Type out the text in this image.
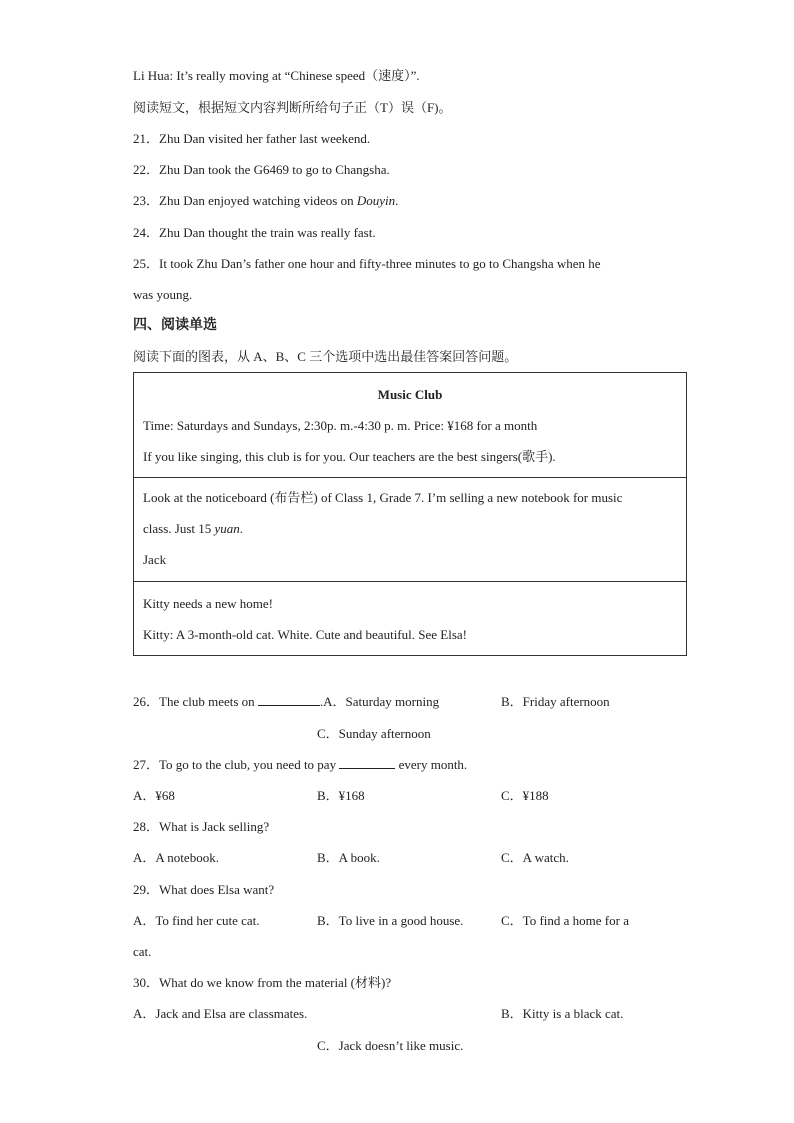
Li Hua: It’s really moving at “Chinese speed（速度）”.
阅读短文，根据短文内容判断所给句子正（T）误（F)。
21．Zhu Dan visited her father last weekend.
22．Zhu Dan took the G6469 to go to Changsha.
23．Zhu Dan enjoyed watching videos on Douyin.
24．Zhu Dan thought the train was really fast.
25．It took Zhu Dan’s father one hour and fifty-three minutes to go to Changsha when he
was young.
四、阅读单选
阅读下面的图表，从 A、B、C 三个选项中选出最佳答案回答问题。
Music Club
Time: Saturdays and Sundays, 2:30p. m.-4:30 p. m. Price: ¥168 for a month
If you like singing, this club is for you. Our teachers are the best singers(歌手).
Look at the noticeboard (布告栏) of Class 1, Grade 7. I’m selling a new notebook for music
class. Just 15 yuan.
Jack
Kitty needs a new home!
Kitty: A 3-month-old cat. White. Cute and beautiful. See Elsa!
26．The club meets on	.A．Saturday morning	B．Friday afternoon
C．Sunday afternoon
27．To go to the club, you need to pay	every month.
A．¥68	B．¥168	C．¥188
28．What is Jack selling?
A．A notebook.	B．A book.	C．A watch.
29．What does Elsa want?
A．To find her cute cat.	B．To live in a good house.	C．To find a home for a
cat.
30．What do we know from the material (材料)?
A．Jack and Elsa are classmates.	B．Kitty is a black cat.
C．Jack doesn’t like music.
